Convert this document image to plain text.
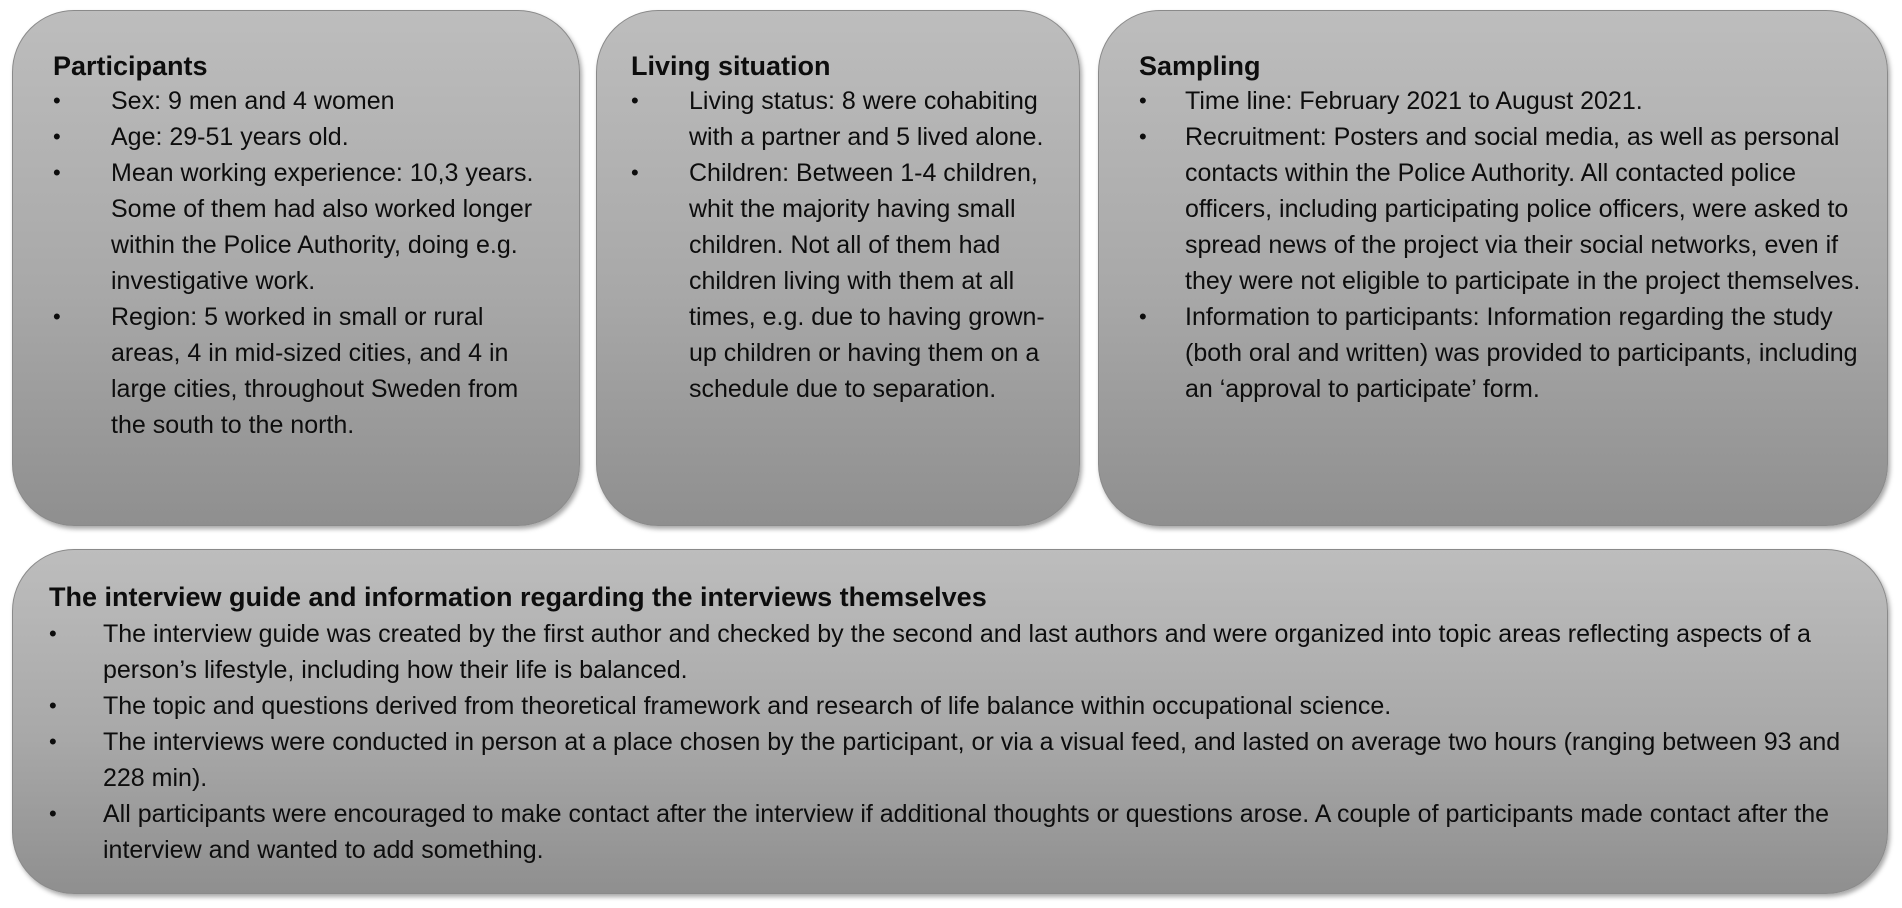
Participants
• Sex: 9 men and 4 women
• Age: 29-51 years old.
• Mean working experience: 10,3 years. Some of them had also worked longer within the Police Authority, doing e.g. investigative work.
• Region: 5 worked in small or rural areas, 4 in mid-sized cities, and 4 in large cities, throughout Sweden from the south to the north.
Living situation
• Living status: 8 were cohabiting with a partner and 5 lived alone.
• Children: Between 1-4 children, whit the majority having small children. Not all of them had children living with them at all times, e.g. due to having grown-up children or having them on a schedule due to separation.
Sampling
• Time line: February 2021 to August 2021.
• Recruitment: Posters and social media, as well as personal contacts within the Police Authority. All contacted police officers, including participating police officers, were asked to spread news of the project via their social networks, even if they were not eligible to participate in the project themselves.
• Information to participants: Information regarding the study (both oral and written) was provided to participants, including an ‘approval to participate’ form.
The interview guide and information regarding the interviews themselves
• The interview guide was created by the first author and checked by the second and last authors and were organized into topic areas reflecting aspects of a person’s lifestyle, including how their life is balanced.
• The topic and questions derived from theoretical framework and research of life balance within occupational science.
• The interviews were conducted in person at a place chosen by the participant, or via a visual feed, and lasted on average two hours (ranging between 93 and 228 min).
• All participants were encouraged to make contact after the interview if additional thoughts or questions arose. A couple of participants made contact after the interview and wanted to add something.
